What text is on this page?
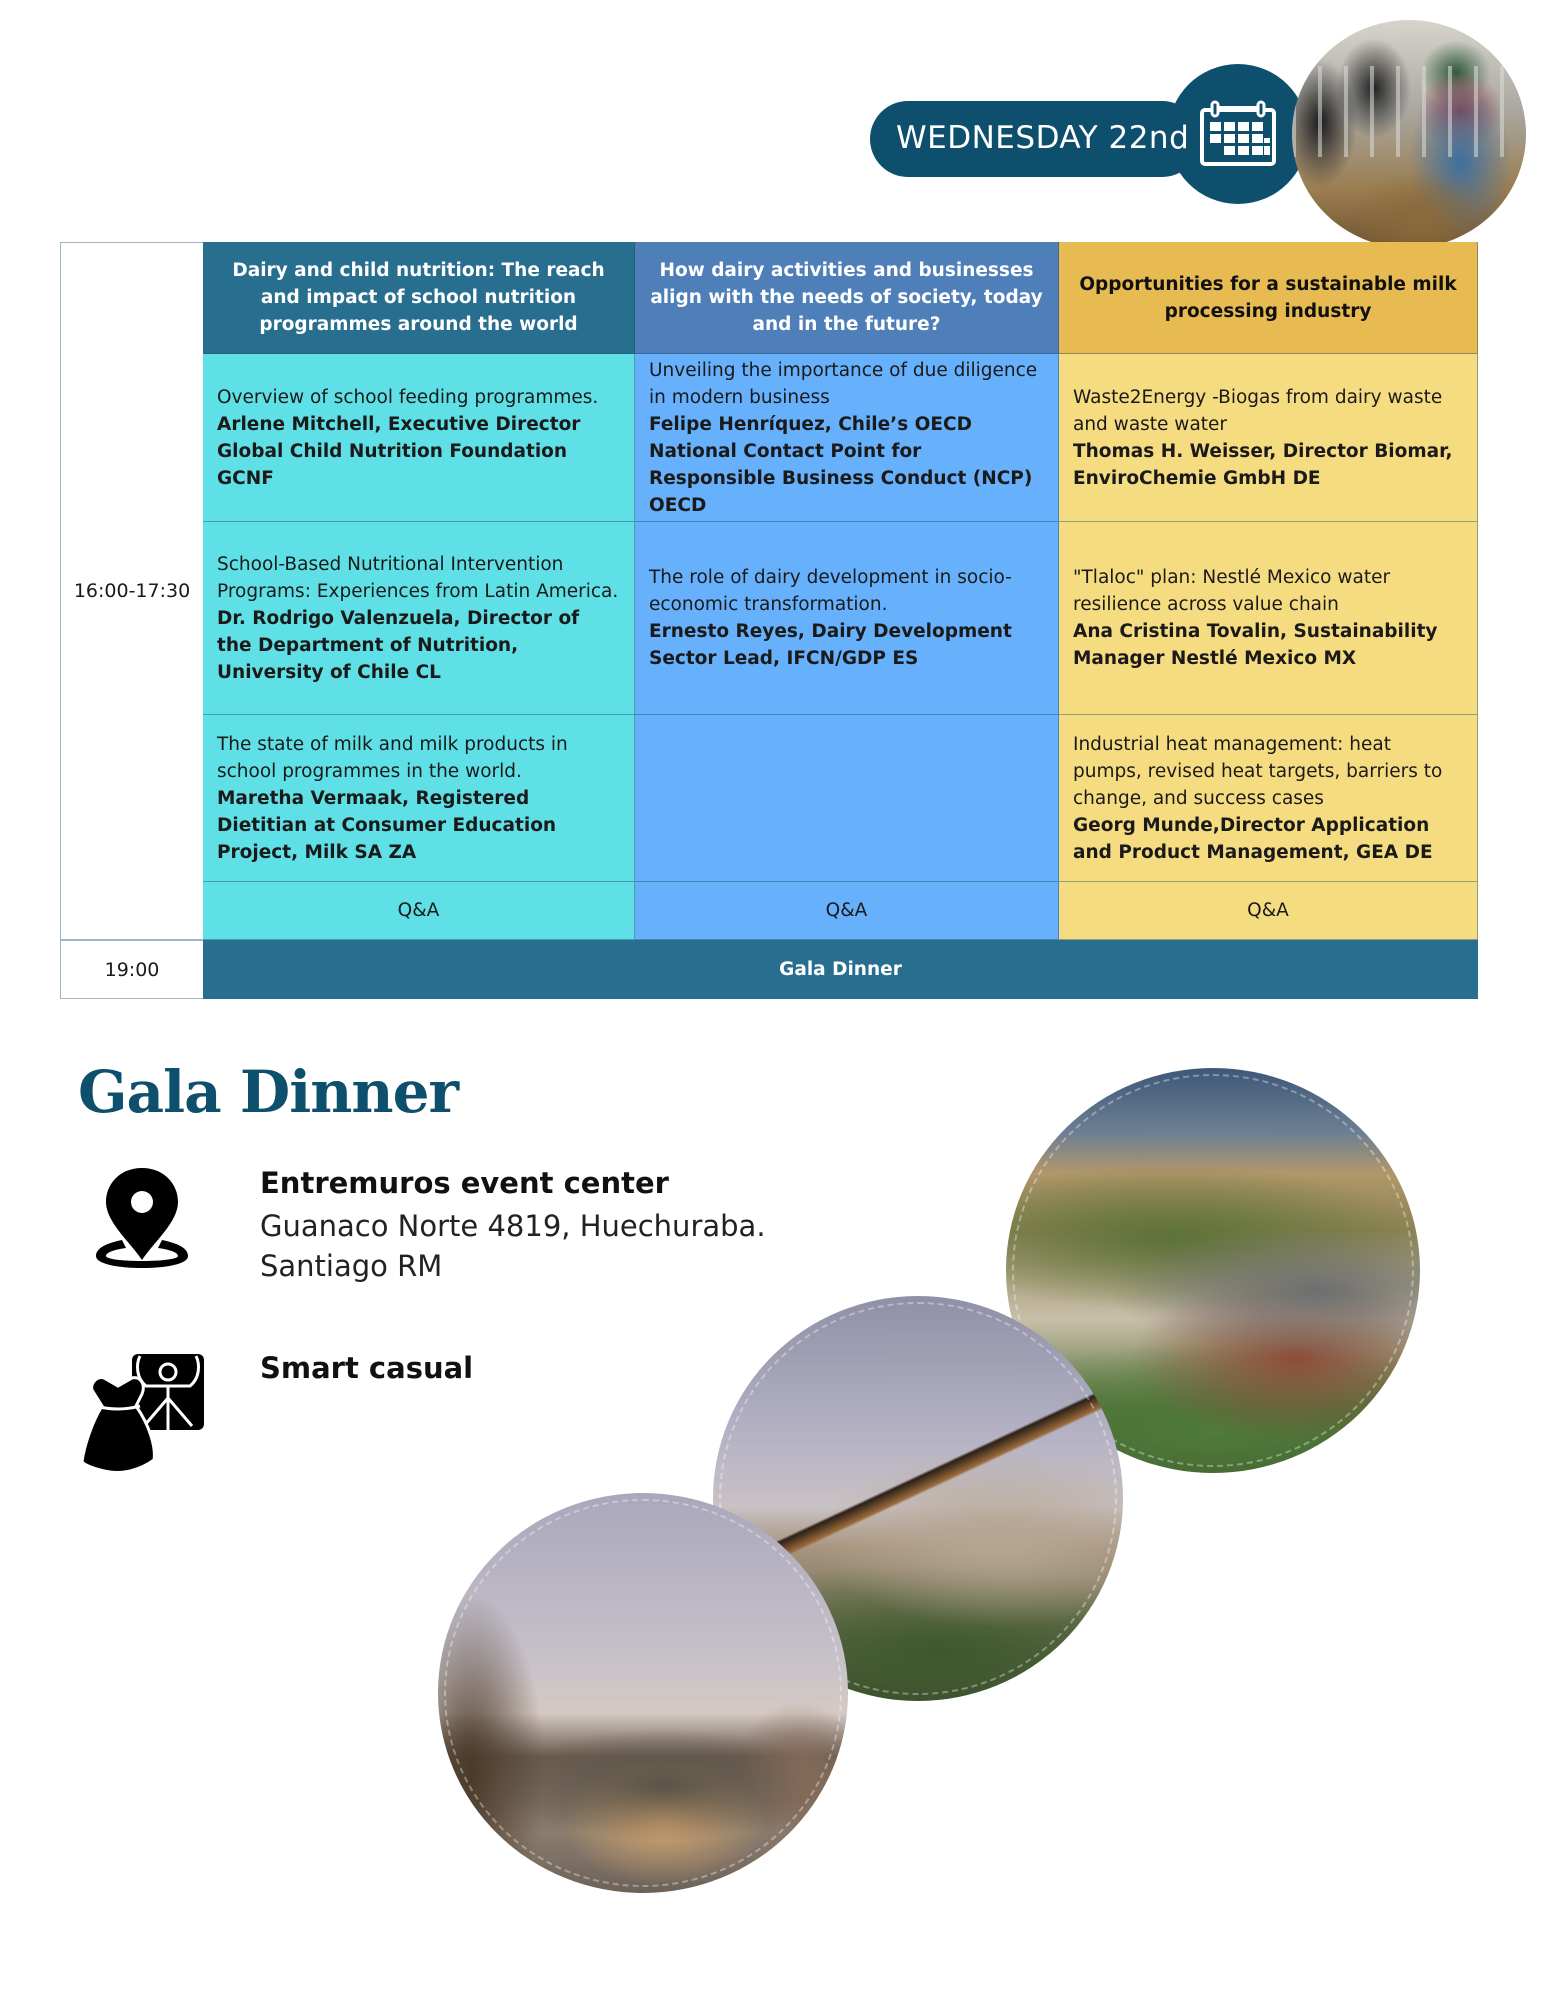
WEDNESDAY 22nd
16:00-17:30
Dairy and child nutrition: The reach and impact of school nutrition programmes around the world
Overview of school feeding programmes.
Arlene Mitchell, Executive Director Global Child Nutrition Foundation GCNF
School-Based Nutritional Intervention Programs: Experiences from Latin America.
Dr. Rodrigo Valenzuela, Director of the Department of Nutrition, University of Chile CL
The state of milk and milk products in school programmes in the world.
Maretha Vermaak, Registered Dietitian at Consumer Education Project, Milk SA ZA
Q&A
How dairy activities and businesses align with the needs of society, today and in the future?
Unveiling the importance of due diligence in modern business
Felipe Henríquez, Chile’s OECD National Contact Point for Responsible Business Conduct (NCP) OECD
The role of dairy development in socio-economic transformation.
Ernesto Reyes, Dairy Development Sector Lead, IFCN/GDP ES
Q&A
Opportunities for a sustainable milk processing industry
Waste2Energy -Biogas from dairy waste and waste water
Thomas H. Weisser, Director Biomar, EnviroChemie GmbH DE
"Tlaloc" plan: Nestlé Mexico water resilience across value chain
Ana Cristina Tovalin, Sustainability Manager Nestlé Mexico MX
Industrial heat management: heat pumps, revised heat targets, barriers to change, and success cases
Georg Munde,Director Application and Product Management, GEA DE
Q&A
19:00	Gala Dinner
Gala Dinner
Entremuros event center
Guanaco Norte 4819, Huechuraba.
Santiago RM
Smart casual
